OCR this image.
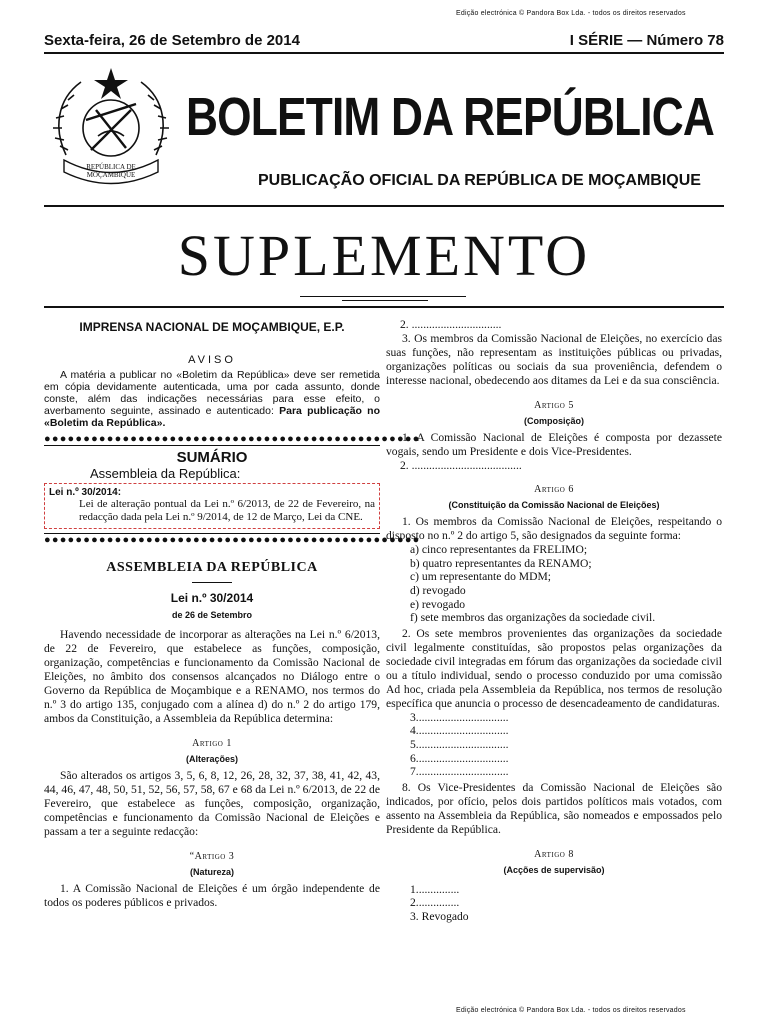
Edição electrónica © Pandora Box Lda. - todos os direitos reservados
Sexta-feira, 26 de Setembro de 2014	I SÉRIE — Número 78
REPÚBLICA DE
MOÇAMBIQUE
BOLETIM DA REPÚBLICA
PUBLICAÇÃO OFICIAL DA REPÚBLICA DE MOÇAMBIQUE
SUPLEMENTO

IMPRENSA NACIONAL DE MOÇAMBIQUE, E.P.

AVISO

A matéria a publicar no «Boletim da República» deve ser remetida em cópia devidamente autenticada, uma por cada assunto, donde conste, além das indicações necessárias para esse efeito, o averbamento seguinte, assinado e autenticado: Para publicação no «Boletim da República».

●●●●●●●●●●●●●●●●●●●●●●●●●●●●●●●●●●●●●●●●●●●●●●●●

SUMÁRIO

Assembleia da República:

Lei n.º 30/2014:

Lei de alteração pontual da Lei n.º 6/2013, de 22 de Fevereiro, na redacção dada pela Lei n.º 9/2014, de 12 de Março, Lei da CNE.

●●●●●●●●●●●●●●●●●●●●●●●●●●●●●●●●●●●●●●●●●●●●●●●●

ASSEMBLEIA DA REPÚBLICA

Lei n.º 30/2014

de 26 de Setembro

Havendo necessidade de incorporar as alterações na Lei n.º 6/2013, de 22 de Fevereiro, que estabelece as funções, composição, organização, competências e funcionamento da Comissão Nacional de Eleições, no âmbito dos consensos alcançados no Diálogo entre o Governo da República de Moçambique e a RENAMO, nos termos do n.º 3 do artigo 135, conjugado com a alínea d) do n.º 2 do artigo 179, ambos da Constituição, a Assembleia da República determina:

Artigo 1

(Alterações)

São alterados os artigos 3, 5, 6, 8, 12, 26, 28, 32, 37, 38, 41, 42, 43, 44, 46, 47, 48, 50, 51, 52, 56, 57, 58, 67 e 68 da Lei n.º 6/2013, de 22 de Fevereiro, que estabelece as funções, composição, organização, competências e funcionamento da Comissão Nacional de Eleições e passam a ter a seguinte redacção:

“Artigo 3

(Natureza)

1. A Comissão Nacional de Eleições é um órgão independente de todos os poderes públicos e privados.

2. ...............................

3. Os membros da Comissão Nacional de Eleições, no exercício das suas funções, não representam as instituições públicas ou privadas, organizações políticas ou sociais da sua proveniência, defendem o interesse nacional, obedecendo aos ditames da Lei e da sua consciência.

Artigo 5

(Composição)

1. A Comissão Nacional de Eleições é composta por dezassete vogais, sendo um Presidente e dois Vice-Presidentes.

2. ......................................

Artigo 6

(Constituição da Comissão Nacional de Eleições)

1. Os membros da Comissão Nacional de Eleições, respeitando o disposto no n.º 2 do artigo 5, são designados da seguinte forma:

a) cinco representantes da FRELIMO;

b) quatro representantes da RENAMO;

c) um representante do MDM;

d) revogado

e) revogado

f) sete membros das organizações da sociedade civil.

2. Os sete membros provenientes das organizações da sociedade civil legalmente constituídas, são propostos pelas organizações da sociedade civil integradas em fórum das organizações da sociedade civil ou a título individual, sendo o processo conduzido por uma comissão Ad hoc, criada pela Assembleia da República, nos termos de resolução específica que anuncia o processo de desencadeamento de candidaturas.

3................................

4................................

5................................

6................................

7................................

8. Os Vice-Presidentes da Comissão Nacional de Eleições são indicados, por ofício, pelos dois partidos políticos mais votados, com assento na Assembleia da República, são nomeados e empossados pelo Presidente da República.

Artigo 8

(Acções de supervisão)

1...............

2...............

3. Revogado

Edição electrónica © Pandora Box Lda. - todos os direitos reservados
